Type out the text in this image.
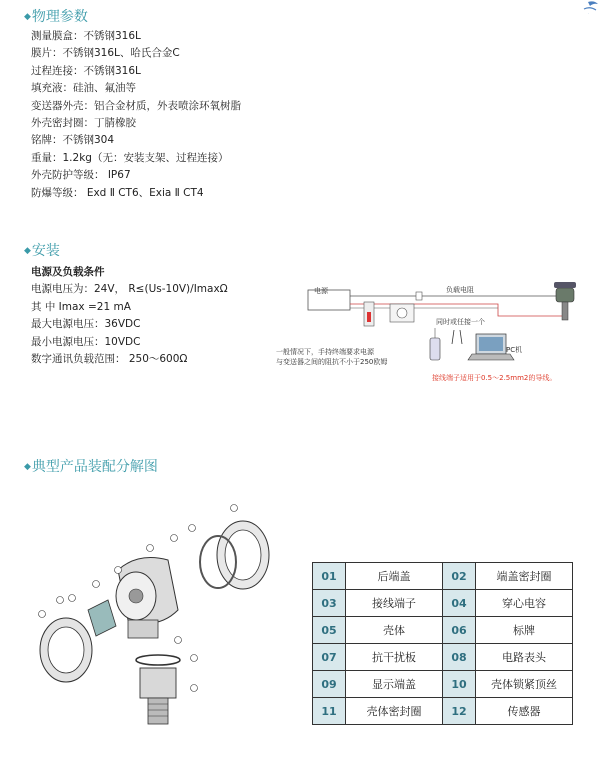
.
◆物理参数
测量膜盒：不锈钢316L
膜片：不锈钢316L、哈氏合金C
过程连接：不锈钢316L
填充液：硅油、氟油等
变送器外壳：铝合金材质，外表喷涂环氧树脂
外壳密封圈：丁腈橡胶
铭牌：不锈钢304
重量：1.2kg（无：安装支架、过程连接）
外壳防护等级： IP67
防爆等级： Exd Ⅱ CT6、Exia Ⅱ CT4
◆安装
电源及负载条件
电源电压为：24V， R≤(Us-10V)/ImaxΩ
其 中 Imax =21 mA
最大电源电压：36VDC
最小电源电压：10VDC
数字通讯负载范围： 250～600Ω
电源	负载电阻
同时或任接一个
PC机
一般情况下，手持终端要求电源
与变送器之间的阻抗不小于250欧姆
接线端子适用于0.5～2.5mm2的导线。
◆典型产品装配分解图
01	后端盖	02	端盖密封圈
03	接线端子	04	穿心电容
05	壳体	06	标牌
07	抗干扰板	08	电路表头
09	显示端盖	10	壳体锁紧顶丝
11	壳体密封圈	12	传感器
